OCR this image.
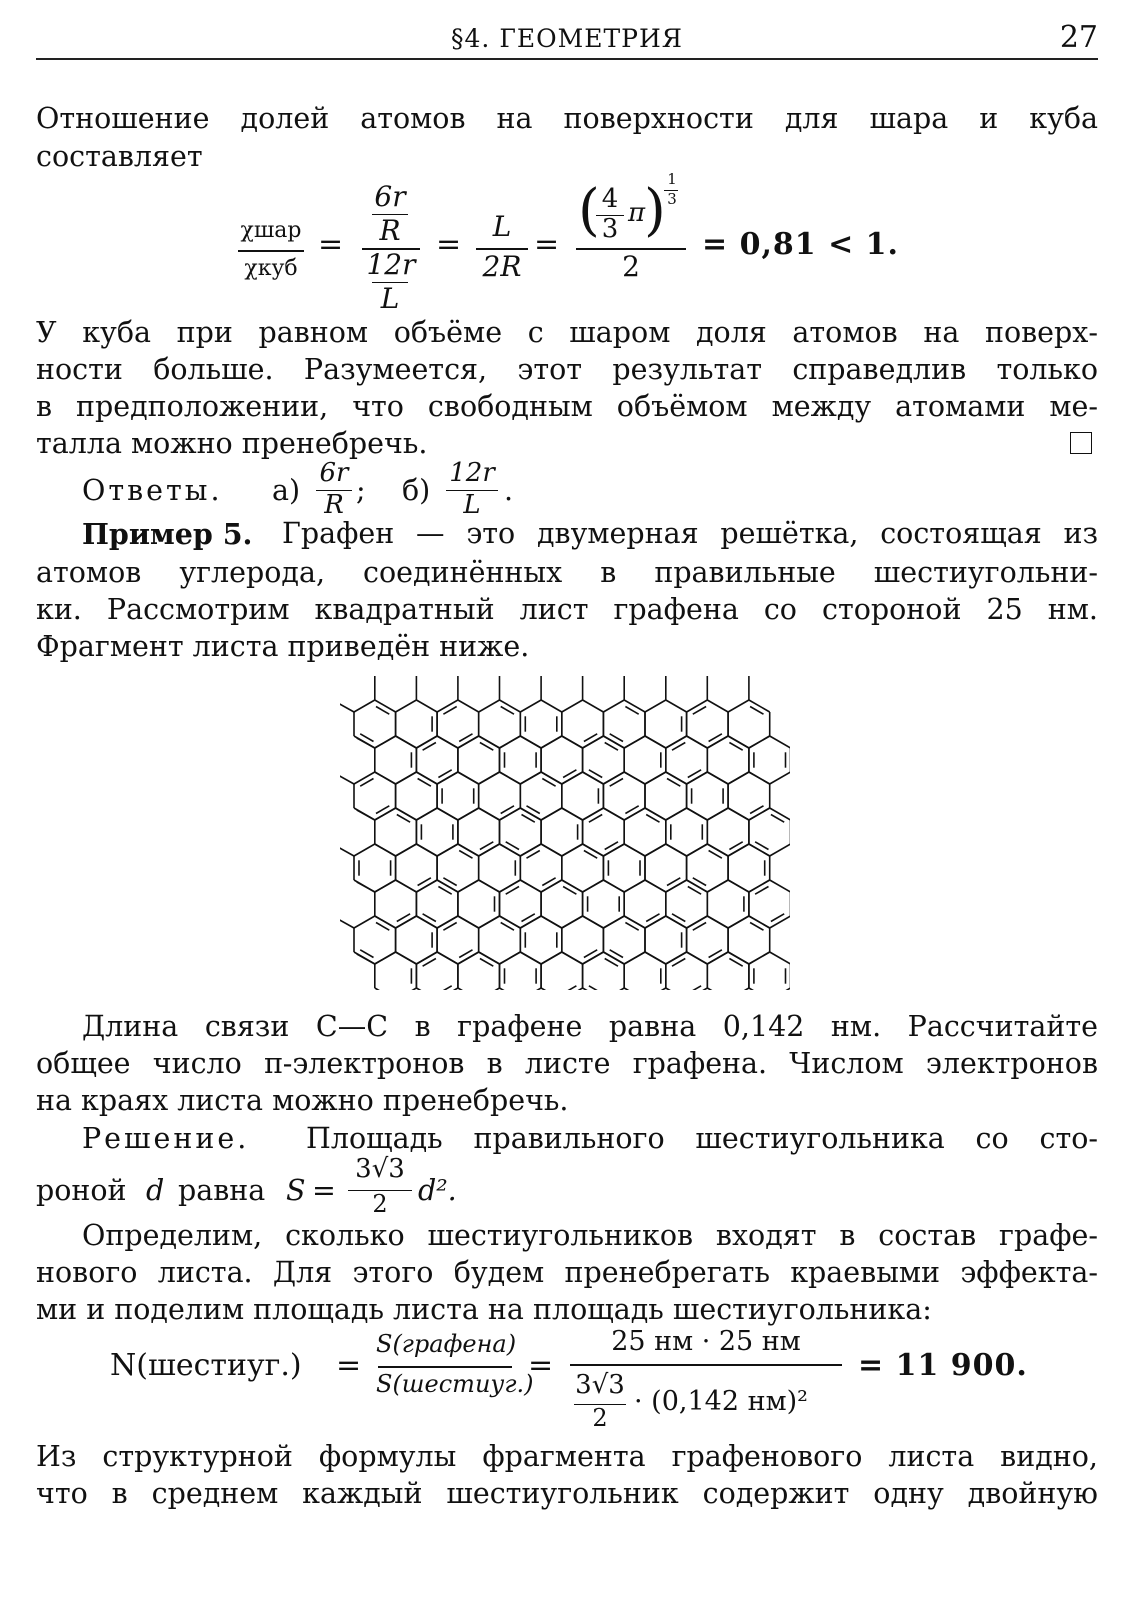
§4. ГЕОМЕТРИЯ	27
Отношение долей атомов на поверхности для шара и куба
составляет
χшар
χкуб
=
6r
R
12r
L
=
L
2R
=
( 4
3
π
) 1
3
2
= 0,81 < 1.
У куба при равном объёме с шаром доля атомов на поверх-
ности больше. Разумеется, этот результат справедлив только
в предположении, что свободным объёмом между атомами ме-
талла можно пренебречь.
Ответы. а)
6r
R ; б)
12r
L .
Пример 5. Графен — это двумерная решётка, состоящая из
атомов углерода, соединённых в правильные шестиугольни-
ки. Рассмотрим квадратный лист графена со стороной 25 нм.
Фрагмент листа приведён ниже.
Длина связи C—C в графене равна 0,142 нм. Рассчитайте
общее число π-электронов в листе графена. Числом электронов
на краях листа можно пренебречь.
Решение. Площадь правильного шестиугольника со сто-
роной d равна S =
3√3
2	d².
Определим, сколько шестиугольников входят в состав графе-
нового листа. Для этого будем пренебрегать краевыми эффекта-
ми и поделим площадь листа на площадь шестиугольника:
N(шестиуг.) =
S(графена)
S(шестиуг.)
=
25 нм · 25 нм
3√3
2
· (0,142 нм)²
= 11 900.
Из структурной формулы фрагмента графенового листа видно,
что в среднем каждый шестиугольник содержит одну двойную
